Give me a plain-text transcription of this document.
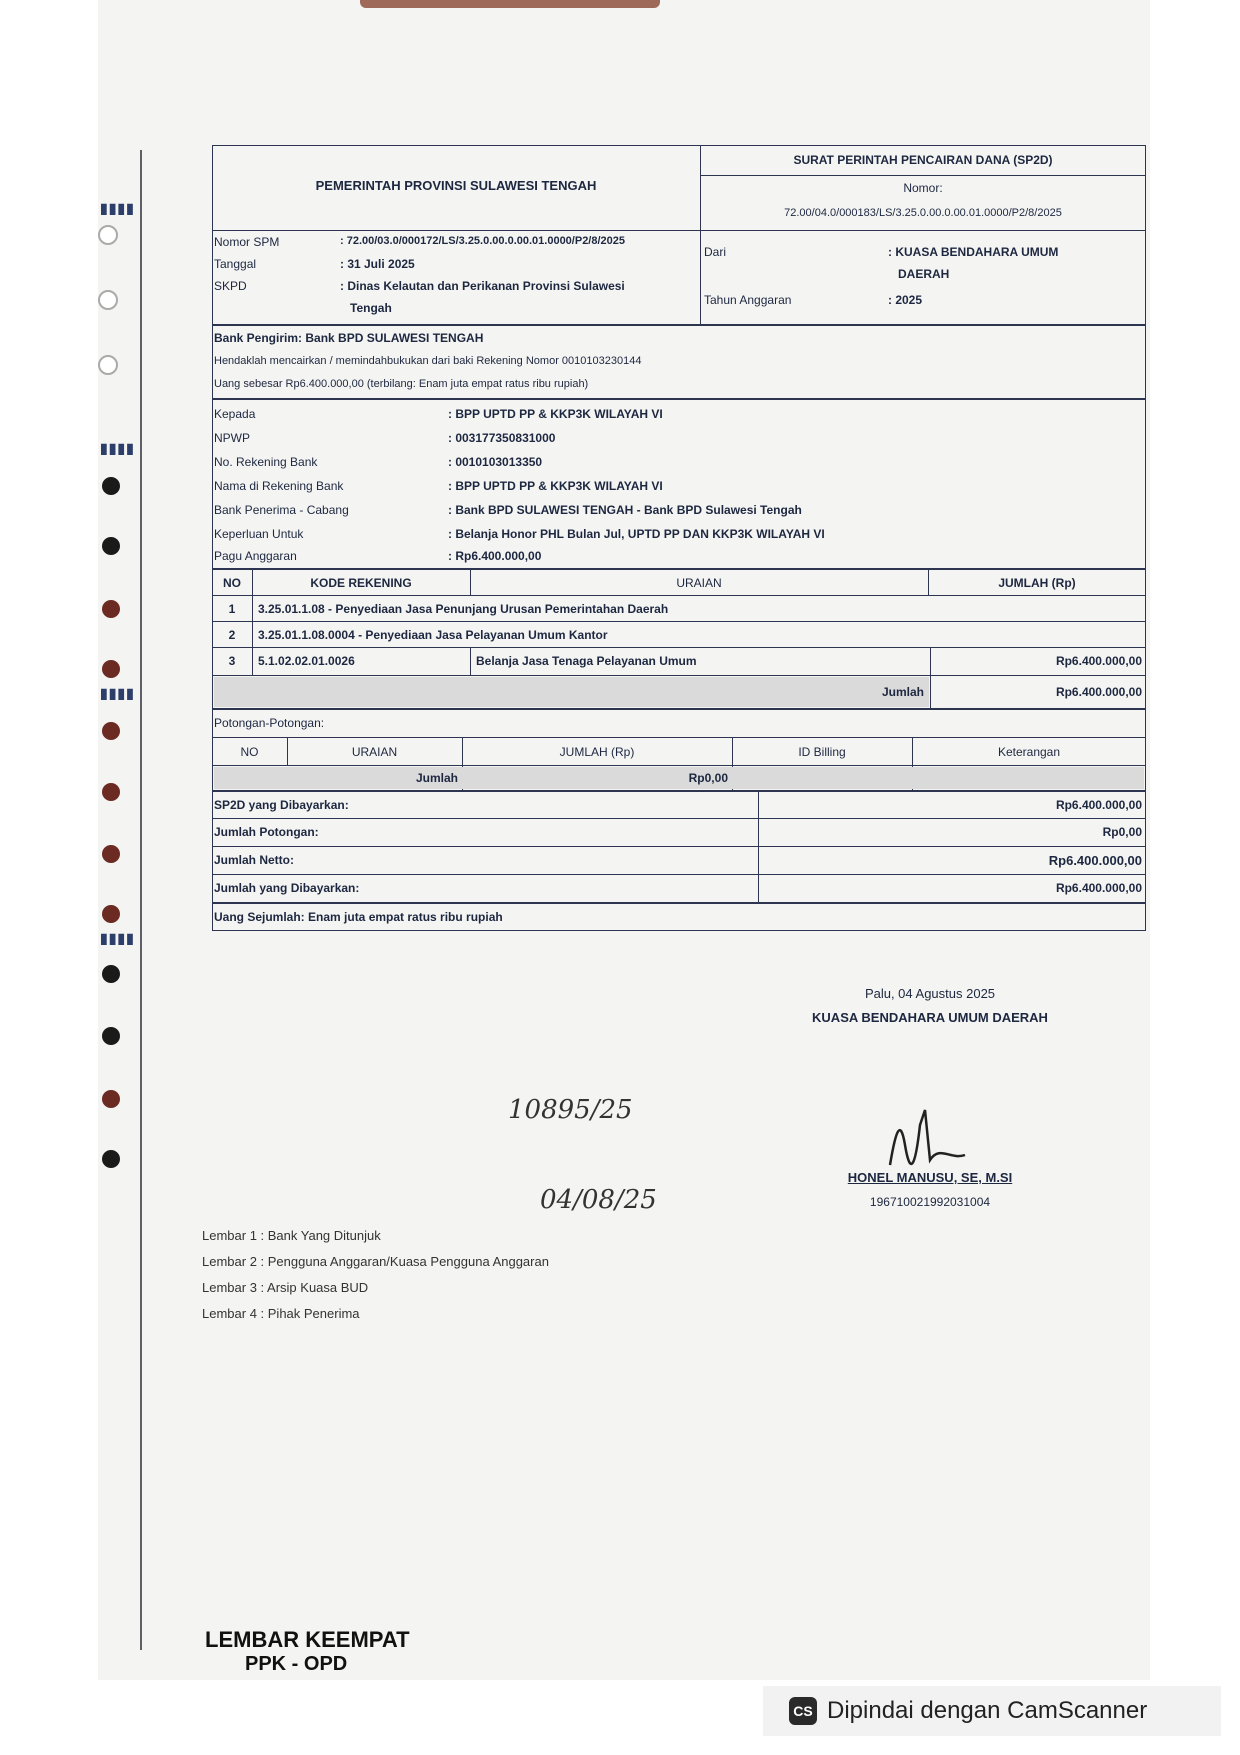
▮▮▮▮
▮▮▮▮
▮▮▮▮
▮▮▮▮
PEMERINTAH PROVINSI SULAWESI TENGAH
SURAT PERINTAH PENCAIRAN DANA (SP2D)
Nomor:
72.00/04.0/000183/LS/3.25.0.00.0.00.01.0000/P2/8/2025
Nomor SPM	: 72.00/03.0/000172/LS/3.25.0.00.0.00.01.0000/P2/8/2025
Tanggal	: 31 Juli 2025
SKPD	: Dinas Kelautan dan Perikanan Provinsi Sulawesi
Tengah
Dari	: KUASA BENDAHARA UMUM
DAERAH
Tahun Anggaran	: 2025
Bank Pengirim: Bank BPD SULAWESI TENGAH
Hendaklah mencairkan / memindahbukukan dari baki Rekening Nomor 0010103230144
Uang sebesar Rp6.400.000,00 (terbilang: Enam juta empat ratus ribu rupiah)
Kepada	: BPP UPTD PP & KKP3K WILAYAH VI
NPWP	: 003177350831000
No. Rekening Bank	: 0010103013350
Nama di Rekening Bank	: BPP UPTD PP & KKP3K WILAYAH VI
Bank Penerima - Cabang	: Bank BPD SULAWESI TENGAH - Bank BPD Sulawesi Tengah
Keperluan Untuk	: Belanja Honor PHL Bulan Jul, UPTD PP DAN KKP3K WILAYAH VI
Pagu Anggaran	: Rp6.400.000,00
NO	KODE REKENING	URAIAN	JUMLAH (Rp)
1	3.25.01.1.08 - Penyediaan Jasa Penunjang Urusan Pemerintahan Daerah
2	3.25.01.1.08.0004 - Penyediaan Jasa Pelayanan Umum Kantor
3	5.1.02.02.01.0026	Belanja Jasa Tenaga Pelayanan Umum	Rp6.400.000,00
Jumlah	Rp6.400.000,00
Potongan-Potongan:
NO	URAIAN	JUMLAH (Rp)	ID Billing	Keterangan
Jumlah	Rp0,00
SP2D yang Dibayarkan:	Rp6.400.000,00
Jumlah Potongan:	Rp0,00
Jumlah Netto:	Rp6.400.000,00
Jumlah yang Dibayarkan:	Rp6.400.000,00
Uang Sejumlah: Enam juta empat ratus ribu rupiah
Palu, 04 Agustus 2025
KUASA BENDAHARA UMUM DAERAH
HONEL MANUSU, SE, M.SI
196710021992031004
10895/25
04/08/25
Lembar 1 : Bank Yang Ditunjuk
Lembar 2 : Pengguna Anggaran/Kuasa Pengguna Anggaran
Lembar 3 : Arsip Kuasa BUD
Lembar 4 : Pihak Penerima
LEMBAR KEEMPAT
PPK - OPD
CS Dipindai dengan CamScanner
